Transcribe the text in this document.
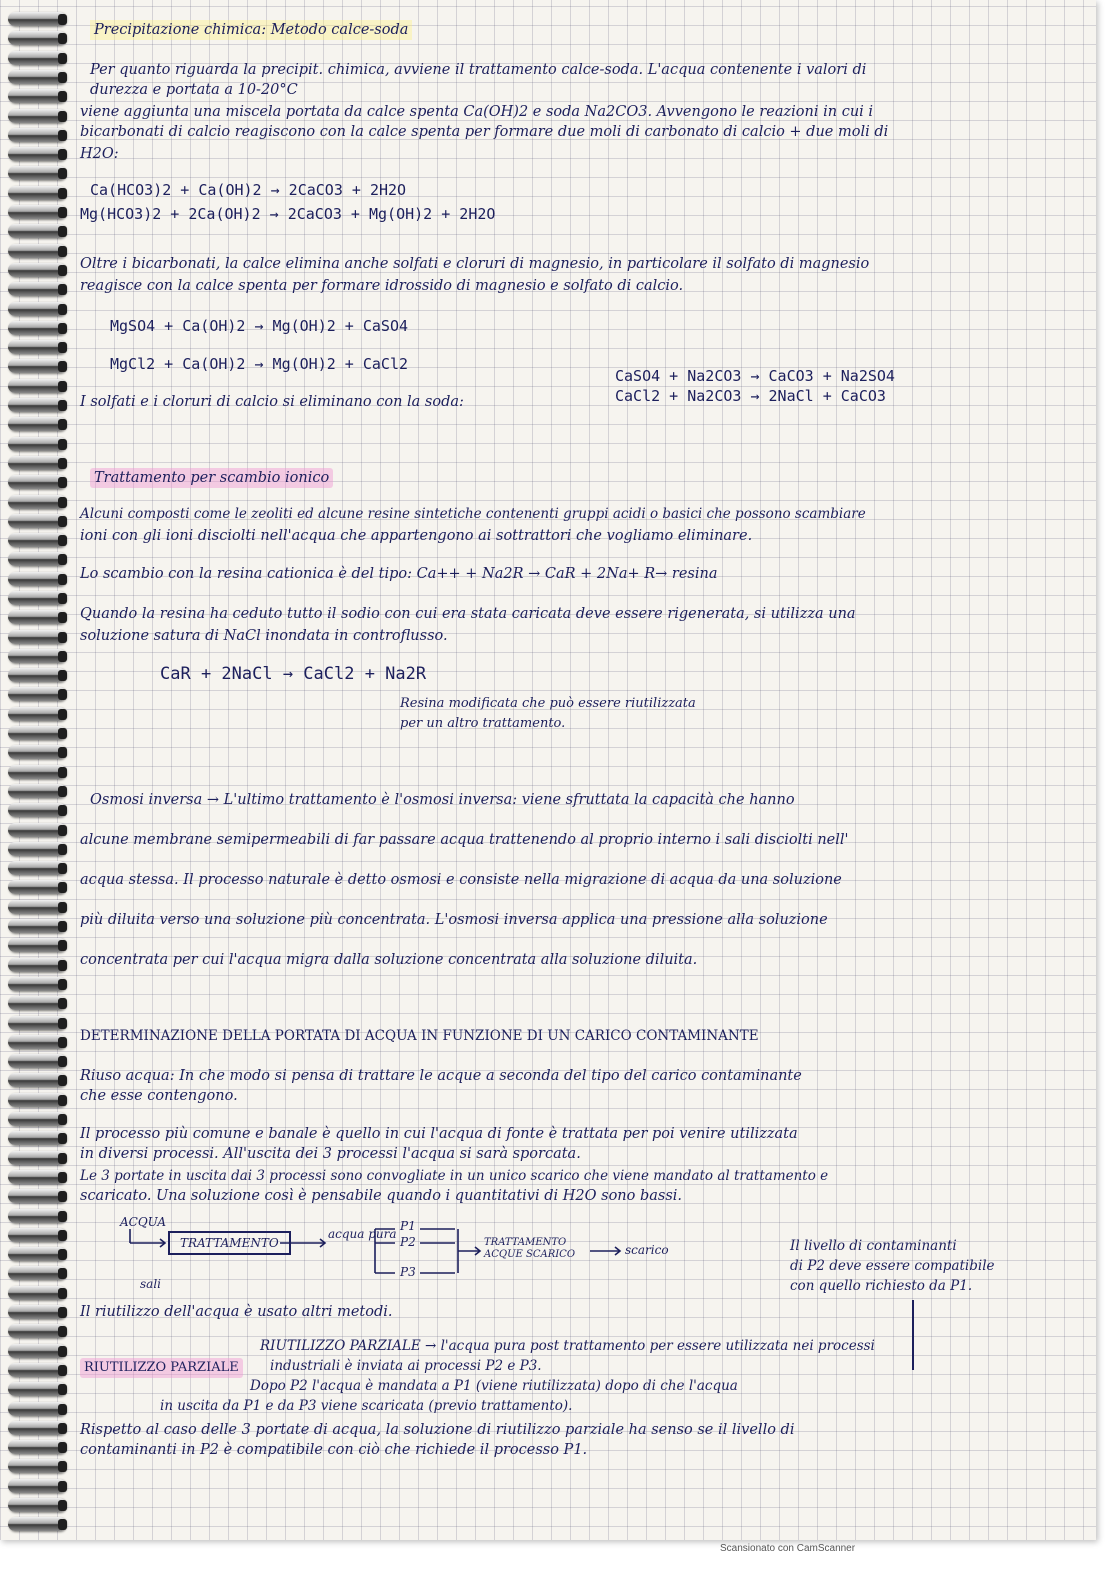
Precipitazione chimica: Metodo calce-soda
Per quanto riguarda la precipit. chimica, avviene il trattamento calce-soda. L'acqua contenente i valori di
durezza e portata a 10-20°C
viene aggiunta una miscela portata da calce spenta Ca(OH)2 e soda Na2CO3. Avvengono le reazioni in cui i
bicarbonati di calcio reagiscono con la calce spenta per formare due moli di carbonato di calcio + due moli di
H2O:
Ca(HCO3)2 + Ca(OH)2 → 2CaCO3 + 2H2O
Mg(HCO3)2 + 2Ca(OH)2 → 2CaCO3 + Mg(OH)2 + 2H2O
Oltre i bicarbonati, la calce elimina anche solfati e cloruri di magnesio, in particolare il solfato di magnesio
reagisce con la calce spenta per formare idrossido di magnesio e solfato di calcio.
MgSO4 + Ca(OH)2 → Mg(OH)2 + CaSO4
MgCl2 + Ca(OH)2 → Mg(OH)2 + CaCl2
CaSO4 + Na2CO3 → CaCO3 + Na2SO4
I solfati e i cloruri di calcio si eliminano con la soda:	CaCl2 + Na2CO3 → 2NaCl + CaCO3
Trattamento per scambio ionico
Alcuni composti come le zeoliti ed alcune resine sintetiche contenenti gruppi acidi o basici che possono scambiare
ioni con gli ioni disciolti nell'acqua che appartengono ai sottrattori che vogliamo eliminare.
Lo scambio con la resina cationica è del tipo: Ca++ + Na2R → CaR + 2Na+ R→ resina
Quando la resina ha ceduto tutto il sodio con cui era stata caricata deve essere rigenerata, si utilizza una
soluzione satura di NaCl inondata in controflusso.
CaR + 2NaCl → CaCl2 + Na2R
Resina modificata che può essere riutilizzata
per un altro trattamento.
Osmosi inversa → L'ultimo trattamento è l'osmosi inversa: viene sfruttata la capacità che hanno
alcune membrane semipermeabili di far passare acqua trattenendo al proprio interno i sali disciolti nell'
acqua stessa. Il processo naturale è detto osmosi e consiste nella migrazione di acqua da una soluzione
più diluita verso una soluzione più concentrata. L'osmosi inversa applica una pressione alla soluzione
concentrata per cui l'acqua migra dalla soluzione concentrata alla soluzione diluita.
DETERMINAZIONE DELLA PORTATA DI ACQUA IN FUNZIONE DI UN CARICO CONTAMINANTE
Riuso acqua: In che modo si pensa di trattare le acque a seconda del tipo del carico contaminante
che esse contengono.
Il processo più comune e banale è quello in cui l'acqua di fonte è trattata per poi venire utilizzata
in diversi processi. All'uscita dei 3 processi l'acqua si sarà sporcata.
Le 3 portate in uscita dai 3 processi sono convogliate in un unico scarico che viene mandato al trattamento e
scaricato. Una soluzione così è pensabile quando i quantitativi di H2O sono bassi.
Il riutilizzo dell'acqua è usato altri metodi.
RIUTILIZZO PARZIALE → l'acqua pura post trattamento per essere utilizzata nei processi
RIUTILIZZO PARZIALE industriali è inviata ai processi P2 e P3.
Dopo P2 l'acqua è mandata a P1 (viene riutilizzata) dopo di che l'acqua
in uscita da P1 e da P3 viene scaricata (previo trattamento).
Rispetto al caso delle 3 portate di acqua, la soluzione di riutilizzo parziale ha senso se il livello di
contaminanti in P2 è compatibile con ciò che richiede il processo P1.
Il livello di contaminanti
di P2 deve essere compatibile
con quello richiesto da P1.
ACQUA
TRATTAMENTO
acqua pura
P1
P2
P3
TRATTAMENTO ACQUE SCARICO	scarico
sali
Scansionato con CamScanner
